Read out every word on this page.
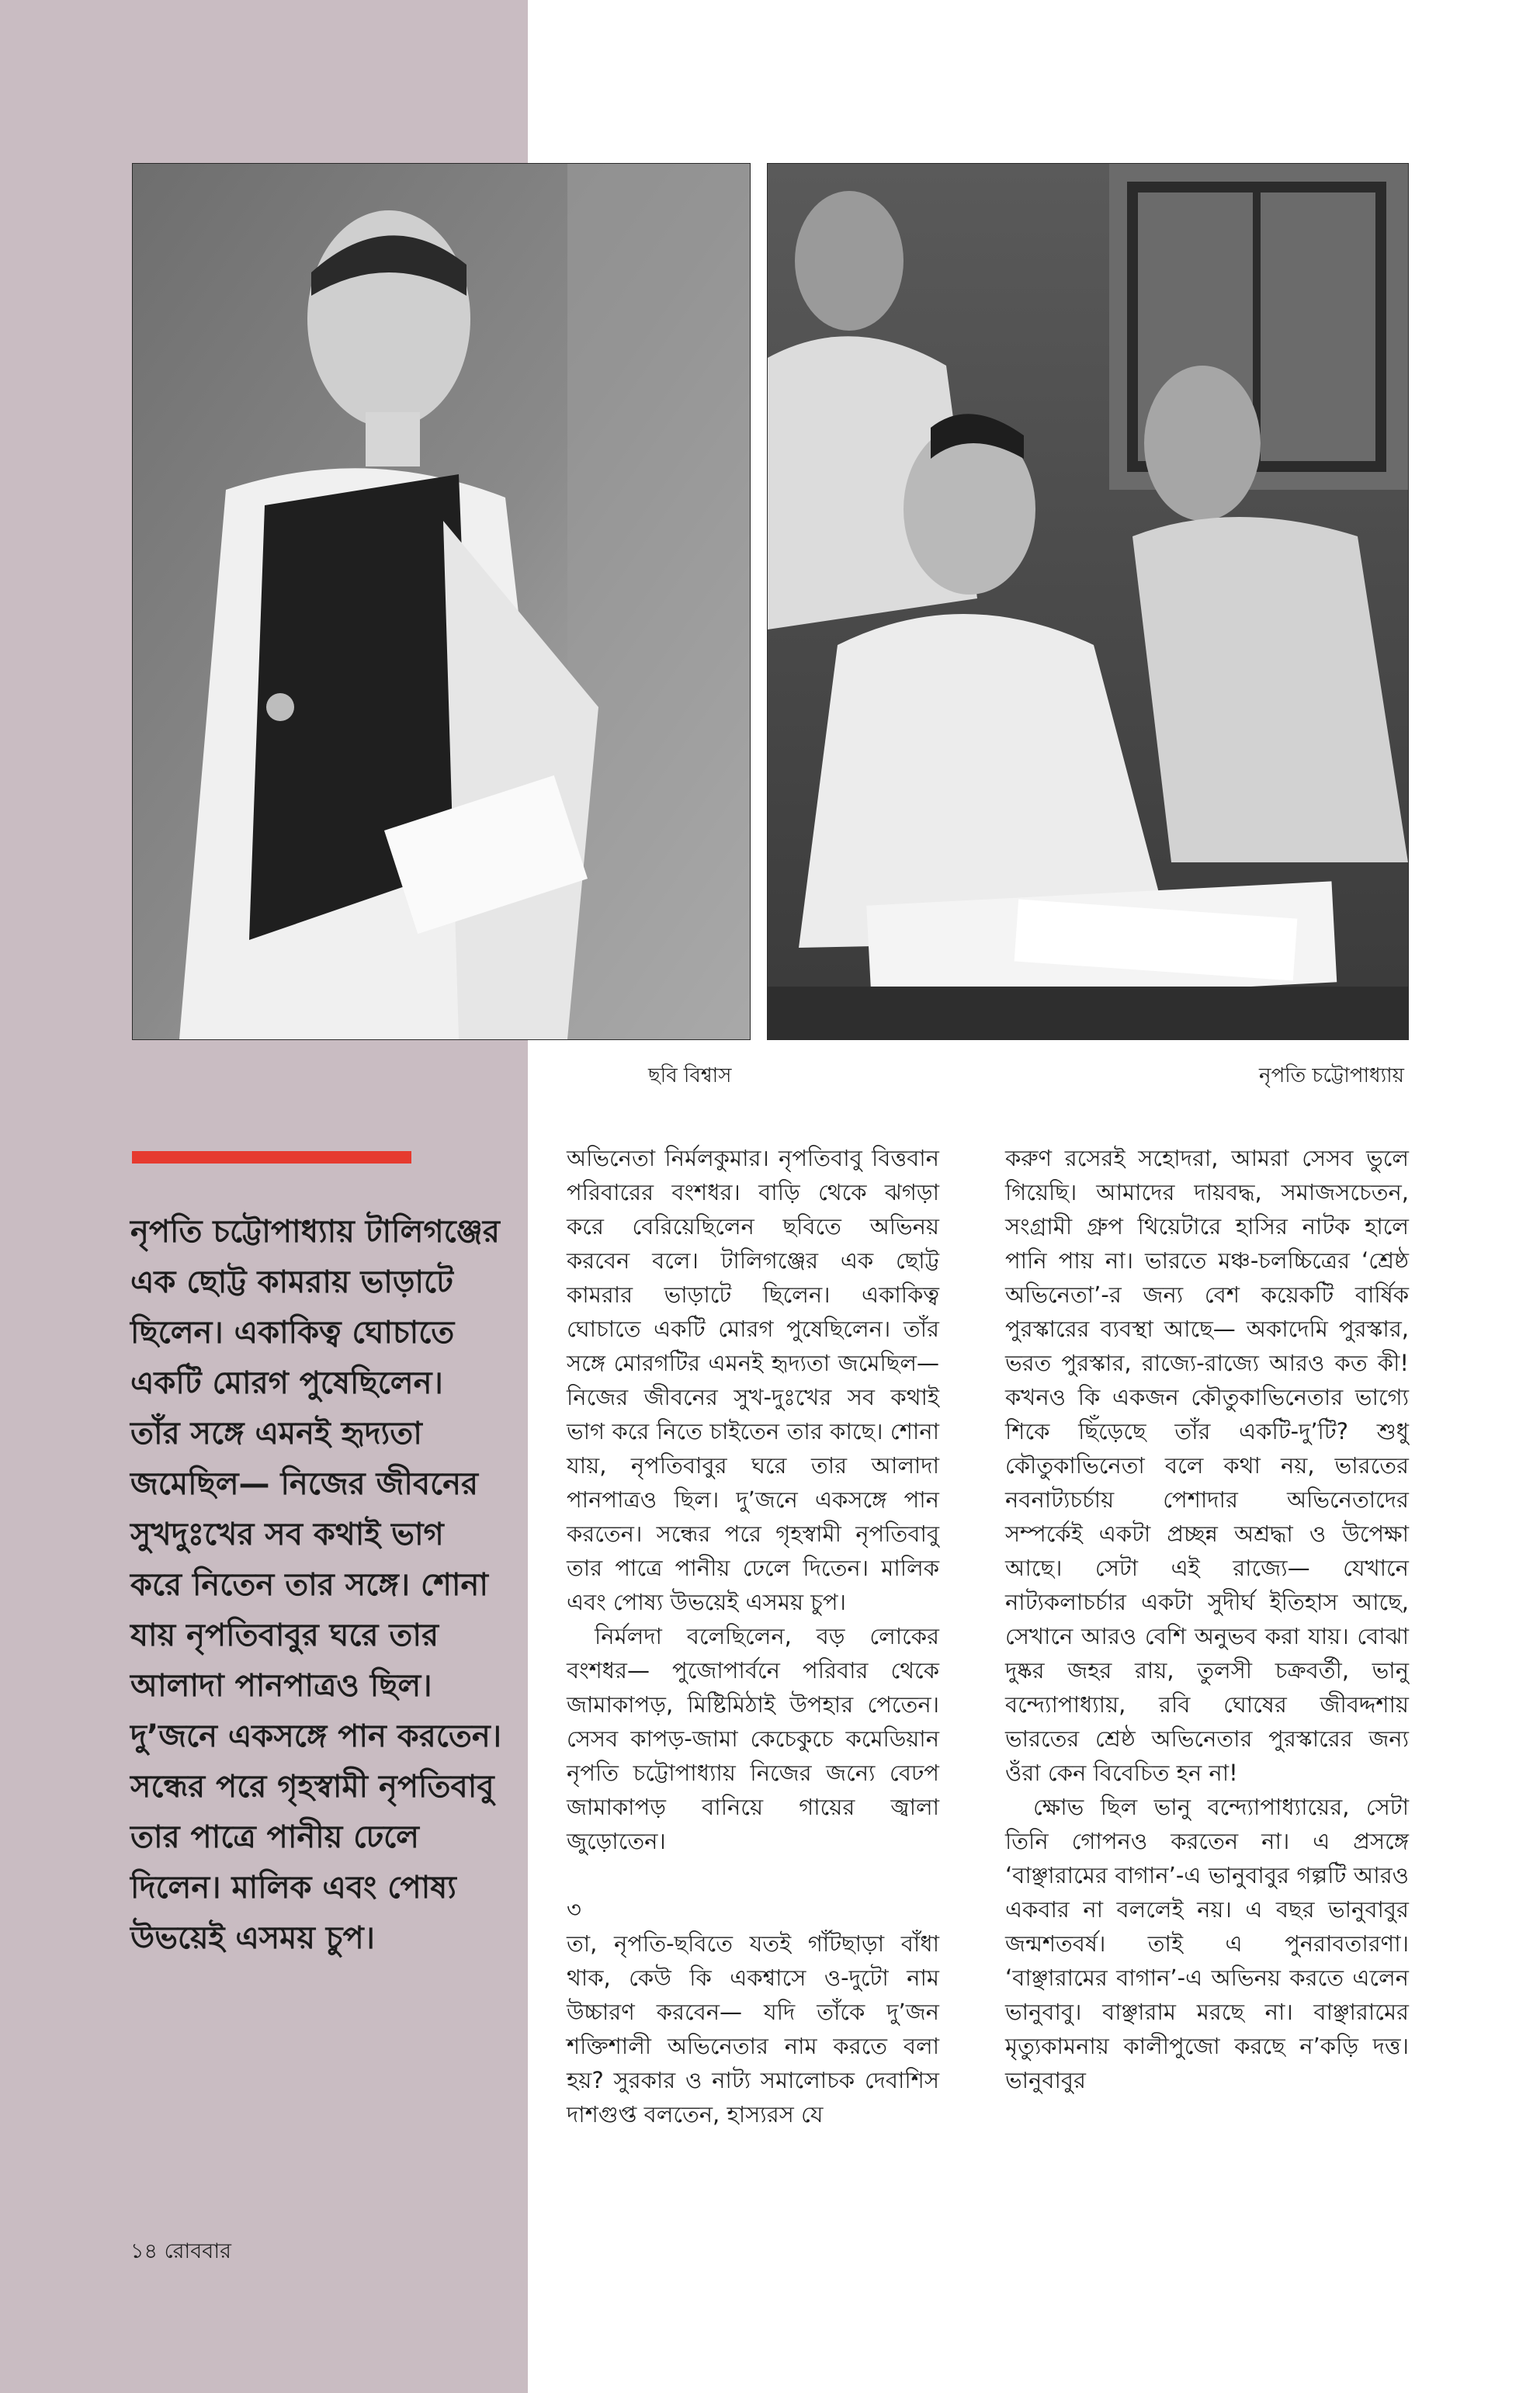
ছবি বিশ্বাস	নৃপতি চট্টোপাধ্যায়

নৃপতি চট্টোপাধ্যায় টালিগঞ্জের এক ছোট্ট কামরায় ভাড়াটে ছিলেন। একাকিত্ব ঘোচাতে একটি মোরগ পুষেছিলেন। তাঁর সঙ্গে এমনই হৃদ্যতা জমেছিল— নিজের জীবনের সুখদুঃখের সব কথাই ভাগ করে নিতেন তার সঙ্গে। শোনা যায় নৃপতিবাবুর ঘরে তার আলাদা পানপাত্রও ছিল। দু’জনে একসঙ্গে পান করতেন। সন্ধের পরে গৃহস্বামী নৃপতিবাবু তার পাত্রে পানীয় ঢেলে দিলেন। মালিক এবং পোষ্য উভয়েই এসময় চুপ।

অভিনেতা নির্মলকুমার। নৃপতিবাবু বিত্তবান পরিবারের বংশধর। বাড়ি থেকে ঝগড়া করে বেরিয়েছিলেন ছবিতে অভিনয় করবেন বলে। টালিগঞ্জের এক ছোট্ট কামরার ভাড়াটে ছিলেন। একাকিত্ব ঘোচাতে একটি মোরগ পুষেছিলেন। তাঁর সঙ্গে মোরগটির এমনই হৃদ্যতা জমেছিল— নিজের জীবনের সুখ-দুঃখের সব কথাই ভাগ করে নিতে চাইতেন তার কাছে। শোনা যায়, নৃপতিবাবুর ঘরে তার আলাদা পানপাত্রও ছিল। দু’জনে একসঙ্গে পান করতেন। সন্ধের পরে গৃহস্বামী নৃপতিবাবু তার পাত্রে পানীয় ঢেলে দিতেন। মালিক এবং পোষ্য উভয়েই এসময় চুপ।

নির্মলদা বলেছিলেন, বড় লোকের বংশধর— পুজোপার্বনে পরিবার থেকে জামাকাপড়, মিষ্টিমিঠাই উপহার পেতেন। সেসব কাপড়-জামা কেচেকুচে কমেডিয়ান নৃপতি চট্টোপাধ্যায় নিজের জন্যে বেঢপ জামাকাপড় বানিয়ে গায়ের জ্বালা জুড়োতেন।

৩

তা, নৃপতি-ছবিতে যতই গাঁটছাড়া বাঁধা থাক, কেউ কি একশ্বাসে ও-দুটো নাম উচ্চারণ করবেন— যদি তাঁকে দু’জন শক্তিশালী অভিনেতার নাম করতে বলা হয়? সুরকার ও নাট্য সমালোচক দেবাশিস দাশগুপ্ত বলতেন, হাস্যরস যে

করুণ রসেরই সহোদরা, আমরা সেসব ভুলে গিয়েছি। আমাদের দায়বদ্ধ, সমাজসচেতন, সংগ্রামী গ্রুপ থিয়েটারে হাসির নাটক হালে পানি পায় না। ভারতে মঞ্চ-চলচ্চিত্রের ‘শ্রেষ্ঠ অভিনেতা’-র জন্য বেশ কয়েকটি বার্ষিক পুরস্কারের ব্যবস্থা আছে— অকাদেমি পুরস্কার, ভরত পুরস্কার, রাজ্যে-রাজ্যে আরও কত কী! কখনও কি একজন কৌতুকাভিনেতার ভাগ্যে শিকে ছিঁড়েছে তাঁর একটি-দু’টি? শুধু কৌতুকাভিনেতা বলে কথা নয়, ভারতের নবনাট্যচর্চায় পেশাদার অভিনেতাদের সম্পর্কেই একটা প্রচ্ছন্ন অশ্রদ্ধা ও উপেক্ষা আছে। সেটা এই রাজ্যে— যেখানে নাট্যকলাচর্চার একটা সুদীর্ঘ ইতিহাস আছে, সেখানে আরও বেশি অনুভব করা যায়। বোঝা দুষ্কর জহর রায়, তুলসী চক্রবর্তী, ভানু বন্দ্যোপাধ্যায়, রবি ঘোষের জীবদ্দশায় ভারতের শ্রেষ্ঠ অভিনেতার পুরস্কারের জন্য ওঁরা কেন বিবেচিত হন না!

ক্ষোভ ছিল ভানু বন্দ্যোপাধ্যায়ের, সেটা তিনি গোপনও করতেন না। এ প্রসঙ্গে ‘বাঞ্ছারামের বাগান’-এ ভানুবাবুর গল্পটি আরও একবার না বললেই নয়। এ বছর ভানুবাবুর জন্মশতবর্ষ। তাই এ পুনরাবতারণা। ‘বাঞ্ছারামের বাগান’-এ অভিনয় করতে এলেন ভানুবাবু। বাঞ্ছারাম মরছে না। বাঞ্ছারামের মৃত্যুকামনায় কালীপুজো করছে ন’কড়ি দত্ত। ভানুবাবুর

১৪ রোববার
